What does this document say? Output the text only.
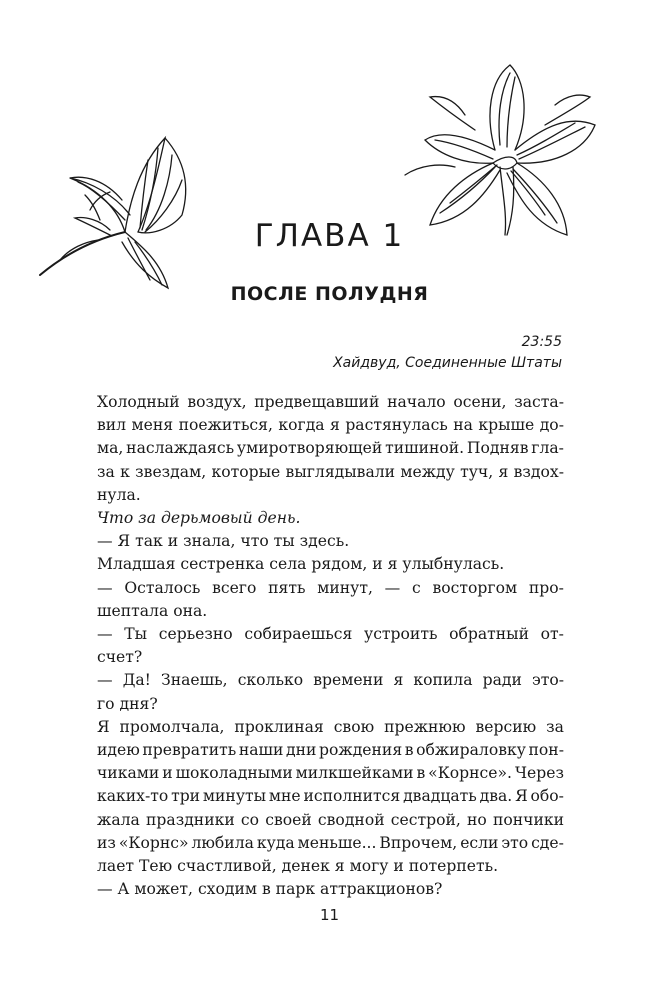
ГЛАВА 1
ПОСЛЕ ПОЛУДНЯ
23:55
Хайдвуд, Соединенные Штаты
Холодный воздух, предвещавший начало осени, заста-
вил меня поежиться, когда я растянулась на крыше до-
ма, наслаждаясь умиротворяющей тишиной. Подняв гла-
за к звездам, которые выглядывали между туч, я вздох-
нула.
Что за дерьмовый день.
— Я так и знала, что ты здесь.
Младшая сестренка села рядом, и я улыбнулась.
— Осталось всего пять минут, — с восторгом про-
шептала она.
— Ты серьезно собираешься устроить обратный от-
счет?
— Да! Знаешь, сколько времени я копила ради это-
го дня?
Я промолчала, проклиная свою прежнюю версию за
идею превратить наши дни рождения в обжираловку пон-
чиками и шоколадными милкшейками в «Корнсе». Через
каких-то три минуты мне исполнится двадцать два. Я обо-
жала праздники со своей сводной сестрой, но пончики
из «Корнс» любила куда меньше... Впрочем, если это сде-
лает Тею счастливой, денек я могу и потерпеть.
— А может, сходим в парк аттракционов?
11
